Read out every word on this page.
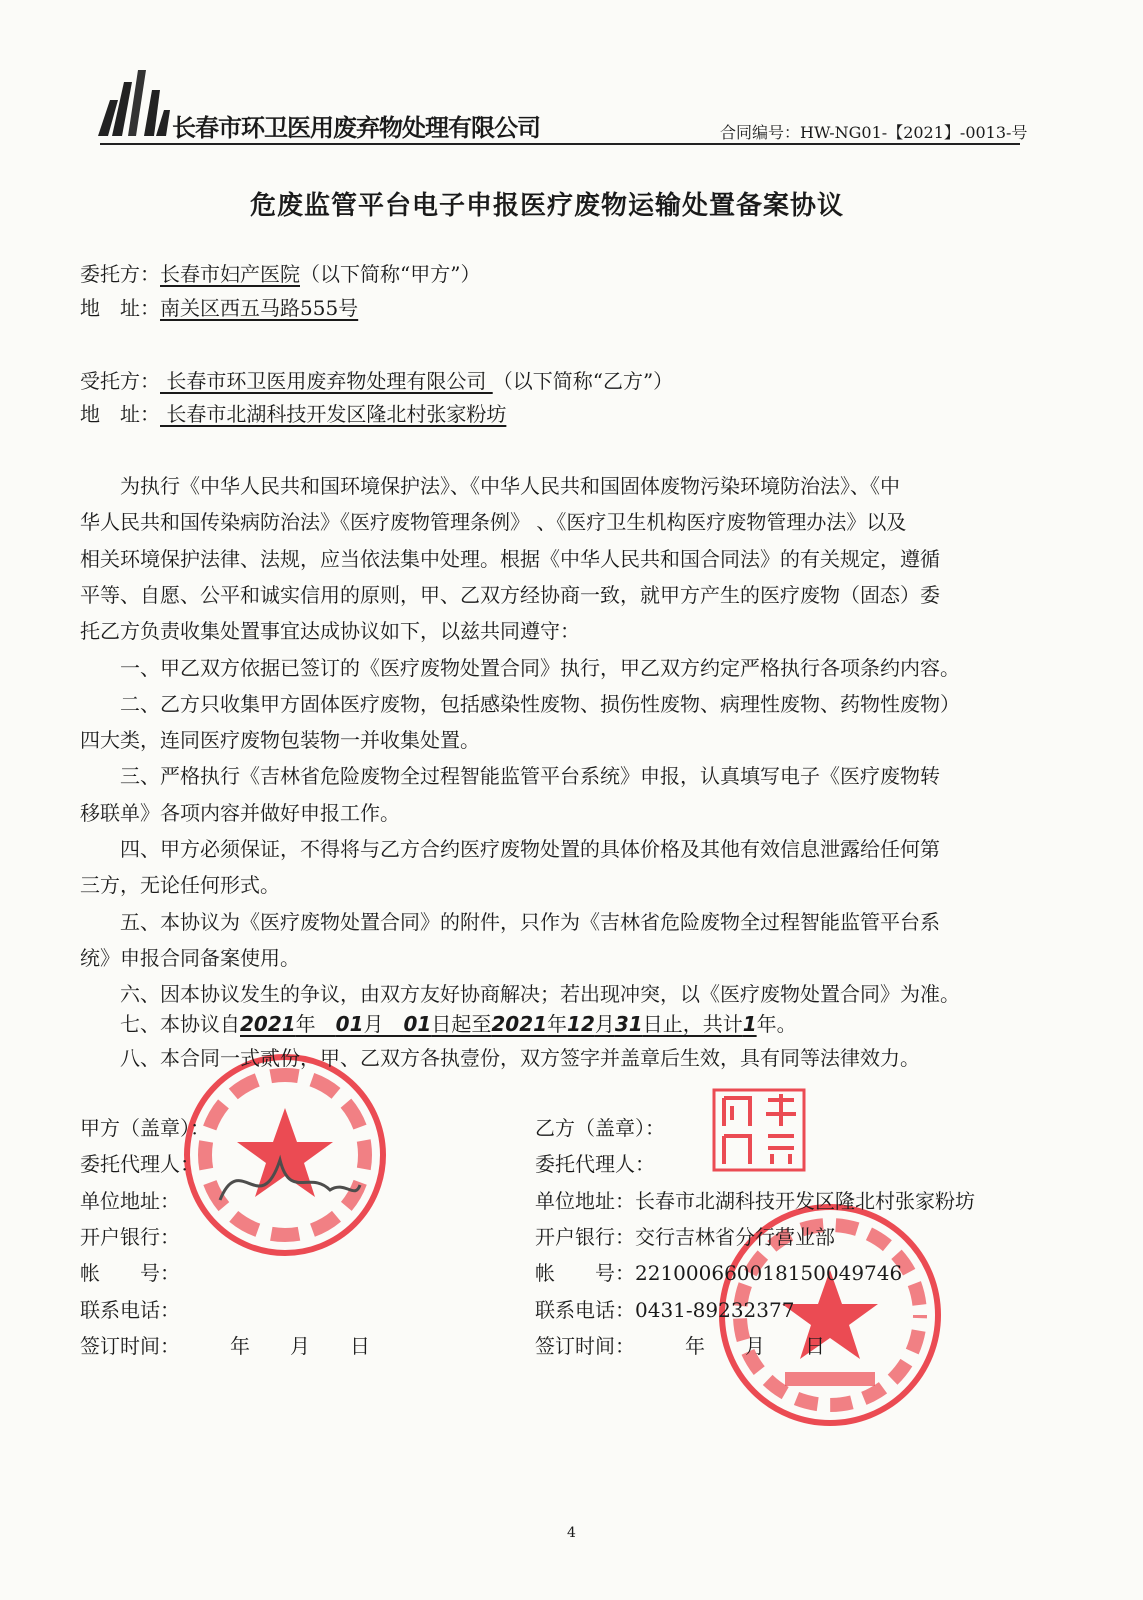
长春市环卫医用废弃物处理有限公司	合同编号：HW-NG01-【2021】-0013-号
危废监管平台电子申报医疗废物运输处置备案协议
委托方：长春市妇产医院（以下简称“甲方”）
地　址：南关区西五马路555号
受托方： 长春市环卫医用废弃物处理有限公司 （以下简称“乙方”）
地　址： 长春市北湖科技开发区隆北村张家粉坊
　　为执行《中华人民共和国环境保护法》、《中华人民共和国固体废物污染环境防治法》、《中
华人民共和国传染病防治法》《医疗废物管理条例》 、《医疗卫生机构医疗废物管理办法》以及
相关环境保护法律、法规，应当依法集中处理。根据《中华人民共和国合同法》的有关规定，遵循
平等、自愿、公平和诚实信用的原则，甲、乙双方经协商一致，就甲方产生的医疗废物（固态）委
托乙方负责收集处置事宜达成协议如下，以兹共同遵守：
　　一、甲乙双方依据已签订的《医疗废物处置合同》执行，甲乙双方约定严格执行各项条约内容。
　　二、乙方只收集甲方固体医疗废物，包括感染性废物、损伤性废物、病理性废物、药物性废物）
四大类，连同医疗废物包装物一并收集处置。
　　三、严格执行《吉林省危险废物全过程智能监管平台系统》申报，认真填写电子《医疗废物转
移联单》各项内容并做好申报工作。
　　四、甲方必须保证，不得将与乙方合约医疗废物处置的具体价格及其他有效信息泄露给任何第
三方，无论任何形式。
　　五、本协议为《医疗废物处置合同》的附件，只作为《吉林省危险废物全过程智能监管平台系
统》申报合同备案使用。
　　六、因本协议发生的争议，由双方友好协商解决；若出现冲突，以《医疗废物处置合同》为准。
　　七、本协议自2021年　01月　01日起至2021年12月31日止，共计1年。
　　八、本合同一式贰份，甲、乙双方各执壹份，双方签字并盖章后生效，具有同等法律效力。
甲方（盖章）：
委托代理人：
单位地址：
开户银行：
帐　　号：
联系电话：
签订时间：　　　年　　月　　日
乙方（盖章）：
委托代理人：
单位地址：长春市北湖科技开发区隆北村张家粉坊
开户银行：交行吉林省分行营业部
帐　　号：221000660018150049746
联系电话：0431-89232377
签订时间：　　　年　　月　　日
4
